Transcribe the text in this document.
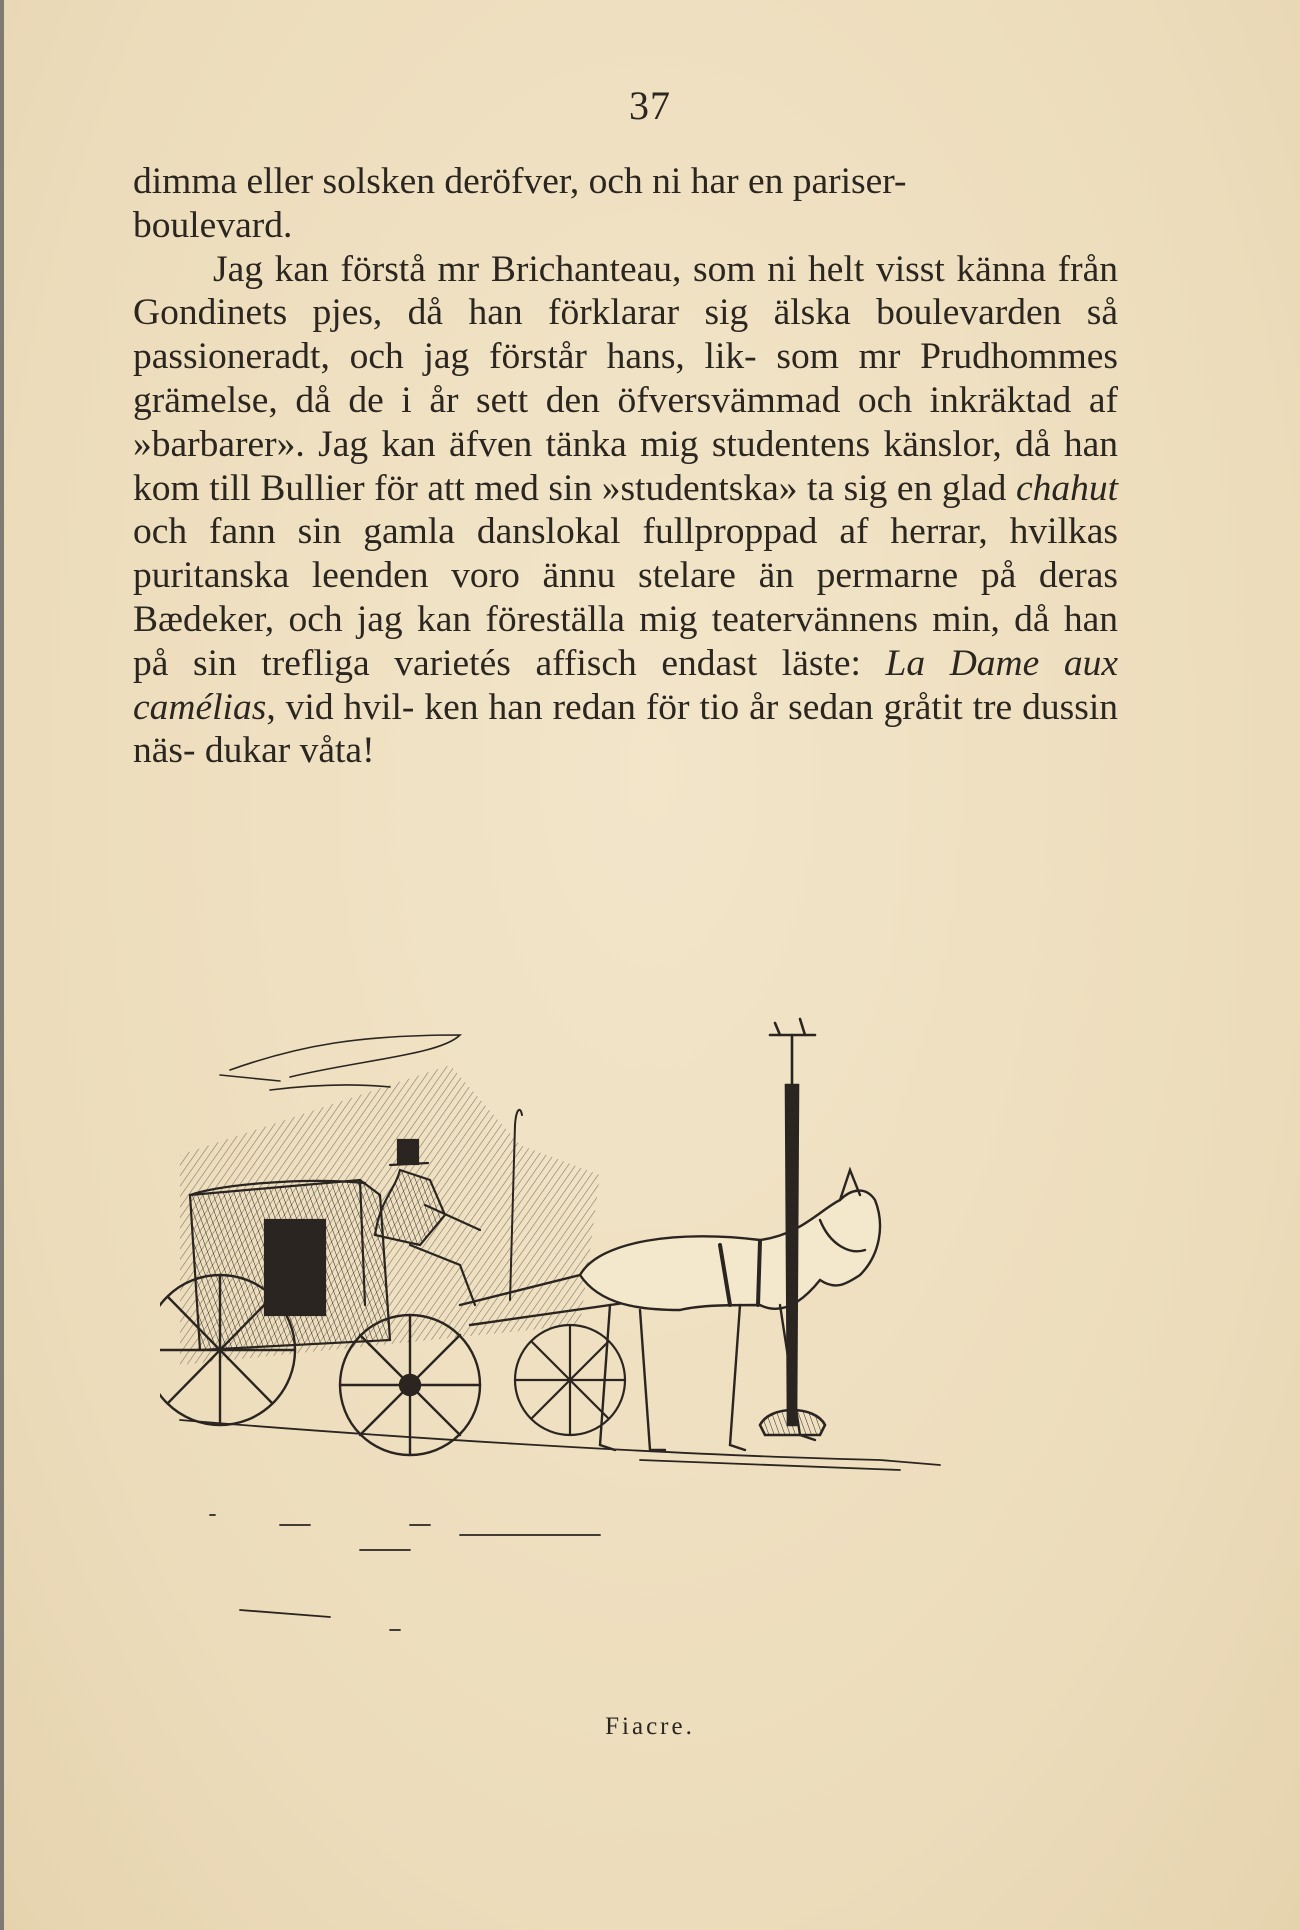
37

dimma eller solsken deröfver, och ni har en pariser-
boulevard.

Jag kan förstå mr Brichanteau, som ni helt visst känna från Gondinets pjes, då han förklarar sig älska boulevarden så passioneradt, och jag förstår hans, lik- som mr Prudhommes grämelse, då de i år sett den öfversvämmad och inkräktad af »barbarer». Jag kan äfven tänka mig studentens känslor, då han kom till Bullier för att med sin »studentska» ta sig en glad chahut och fann sin gamla danslokal fullproppad af herrar, hvilkas puritanska leenden voro ännu stelare än permarne på deras Bædeker, och jag kan föreställa mig teatervännens min, då han på sin trefliga varietés affisch endast läste: La Dame aux camélias, vid hvil- ken han redan för tio år sedan gråtit tre dussin näs- dukar våta!

Fiacre.
